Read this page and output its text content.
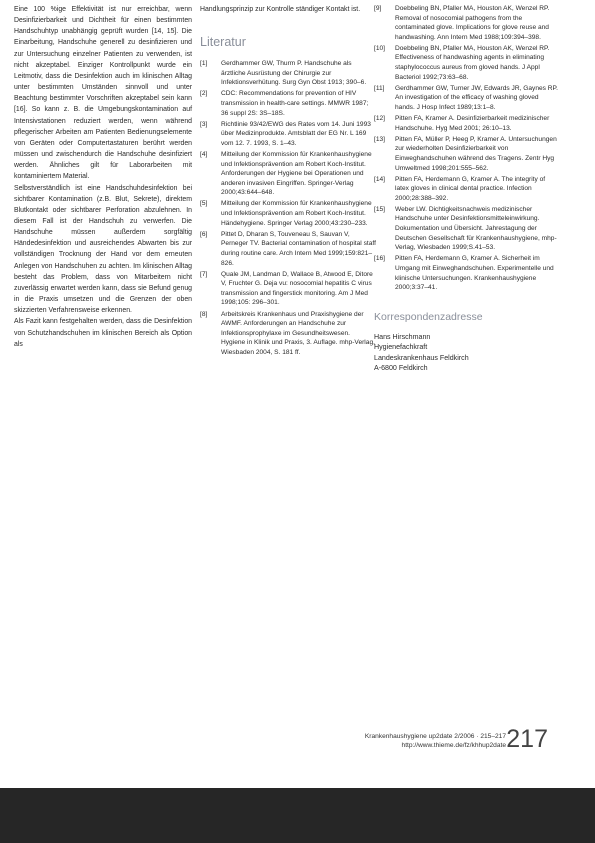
Eine 100 %ige Effektivität ist nur erreichbar, wenn Desinfizierbarkeit und Dichtheit für einen bestimmten Handschuhtyp unabhängig geprüft wurden [14, 15]. Die Einarbeitung, Handschuhe generell zu desinfizieren und zur Untersuchung einzelner Patienten zu verwenden, ist nicht akzeptabel. Einziger Kontrollpunkt wurde ein Leitmotiv, dass die Desinfektion auch im klinischen Alltag unter bestimmten Umständen sinnvoll und unter Beachtung bestimmter Vorschriften akzeptabel sein kann [16]. So kann z. B. die Umgebungskontamination auf Intensivstationen reduziert werden, wenn während pflegerischer Arbeiten am Patienten Bedienungselemente von Geräten oder Computertastaturen berührt werden müssen und zwischendurch die Handschuhe desinfiziert werden. Ähnliches gilt für Laborarbeiten mit kontaminiertem Material.

Selbstverständlich ist eine Handschuhdesinfektion bei sichtbarer Kontamination (z.B. Blut, Sekrete), direktem Blutkontakt oder sichtbarer Perforation abzulehnen. In diesem Fall ist der Handschuh zu verwerfen. Die Handschuhe müssen außerdem sorgfältig Händedesinfektion und ausreichendes Abwarten bis zur vollständigen Trocknung der Hand vor dem erneuten Anlegen von Handschuhen zu achten. Im klinischen Alltag besteht das Problem, dass von Mitarbeitern nicht zuverlässig erwartet werden kann, dass sie Befund genug in die Praxis umsetzen und die Grenzen der oben skizzierten Verfahrensweise erkennen.

Als Fazit kann festgehalten werden, dass die Desinfektion von Schutzhandschuhen im klinischen Bereich als Option als

Handlungsprinzip zur Kontrolle ständiger Kontakt ist.

Literatur
[1] Gerdhammer GW, Thurm P. Handschuhe als ärztliche Ausrüstung der Chirurgie zur Infektionsverhütung. Surg Gyn Obst 1913; 390–6.
[2] CDC: Recommendations for prevention of HIV transmission in health-care settings. MMWR 1987; 36 suppl 2S: 3S–18S.
[3] Richtlinie 93/42/EWG des Rates vom 14. Juni 1993 über Medizinprodukte. Amtsblatt der EG Nr. L 169 vom 12. 7. 1993, S. 1–43.
[4] Mitteilung der Kommission für Krankenhaushygiene und Infektionsprävention am Robert Koch-Institut. Anforderungen der Hygiene bei Operationen und anderen invasiven Eingriffen. Springer-Verlag 2000;43:644–648.
[5] Mitteilung der Kommission für Krankenhaushygiene und Infektionsprävention am Robert Koch-Institut. Händehygiene. Springer Verlag 2000;43:230–233.
[6] Pittet D, Dharan S, Touveneau S, Sauvan V, Perneger TV. Bacterial contamination of hospital staff during routine care. Arch Intern Med 1999;159:821–826.
[7] Quale JM, Landman D, Wallace B, Atwood E, Ditore V, Fruchter G. Deja vu: nosocomial hepatitis C virus transmission and fingerstick monitoring. Am J Med 1998;105: 296–301.
[8] Arbeitskreis Krankenhaus und Praxishygiene der AWMF. Anforderungen an Handschuhe zur Infektionsprophylaxe im Gesundheitswesen. Hygiene in Klinik und Praxis, 3. Auflage. mhp-Verlag, Wiesbaden 2004, S. 181 ff.
[9] Doebbeling BN, Pfaller MA, Houston AK, Wenzel RP. Removal of nosocomial pathogens from the contaminated glove. Implications for glove reuse and handwashing. Ann Intern Med 1988;109:394–398.
[10] Doebbeling BN, Pfaller MA, Houston AK, Wenzel RP. Effectiveness of handwashing agents in eliminating staphylococcus aureus from gloved hands. J Appl Bacteriol 1992;73:63–68.
[11] Gerdhammer GW, Turner JW, Edwards JR, Gaynes RP. An investigation of the efficacy of washing gloved hands. J Hosp Infect 1989;13:1–8.
[12] Pitten FA, Kramer A. Desinfizierbarkeit medizinischer Handschuhe. Hyg Med 2001; 26:10–13.
[13] Pitten FA, Müller P, Heeg P, Kramer A. Untersuchungen zur wiederholten Desinfizierbarkeit von Einweghandschuhen während des Tragens. Zentr Hyg Umweltmed 1998;201:555–562.
[14] Pitten FA, Herdemann G, Kramer A. The integrity of latex gloves in clinical dental practice. Infection 2000;28:388–392.
[15] Weber LW. Dichtigkeitsnachweis medizinischer Handschuhe unter Desinfektionsmitteleinwirkung. Dokumentation und Übersicht. Jahrestagung der Deutschen Gesellschaft für Krankenhaushygiene, mhp-Verlag, Wiesbaden 1999;S.41–53.
[16] Pitten FA, Herdemann G, Kramer A. Sicherheit im Umgang mit Einweghandschuhen. Experimentelle und klinische Untersuchungen. Krankenhaushygiene 2000;3:37–41.
Korrespondenzadresse
Hans Hirschmann
Hygienefachkraft
Landeskrankenhaus Feldkirch
A-6800 Feldkirch
Krankenhaushygiene up2date 2/2006 · 215–217
http://www.thieme.de/fz/khhup2date 217
